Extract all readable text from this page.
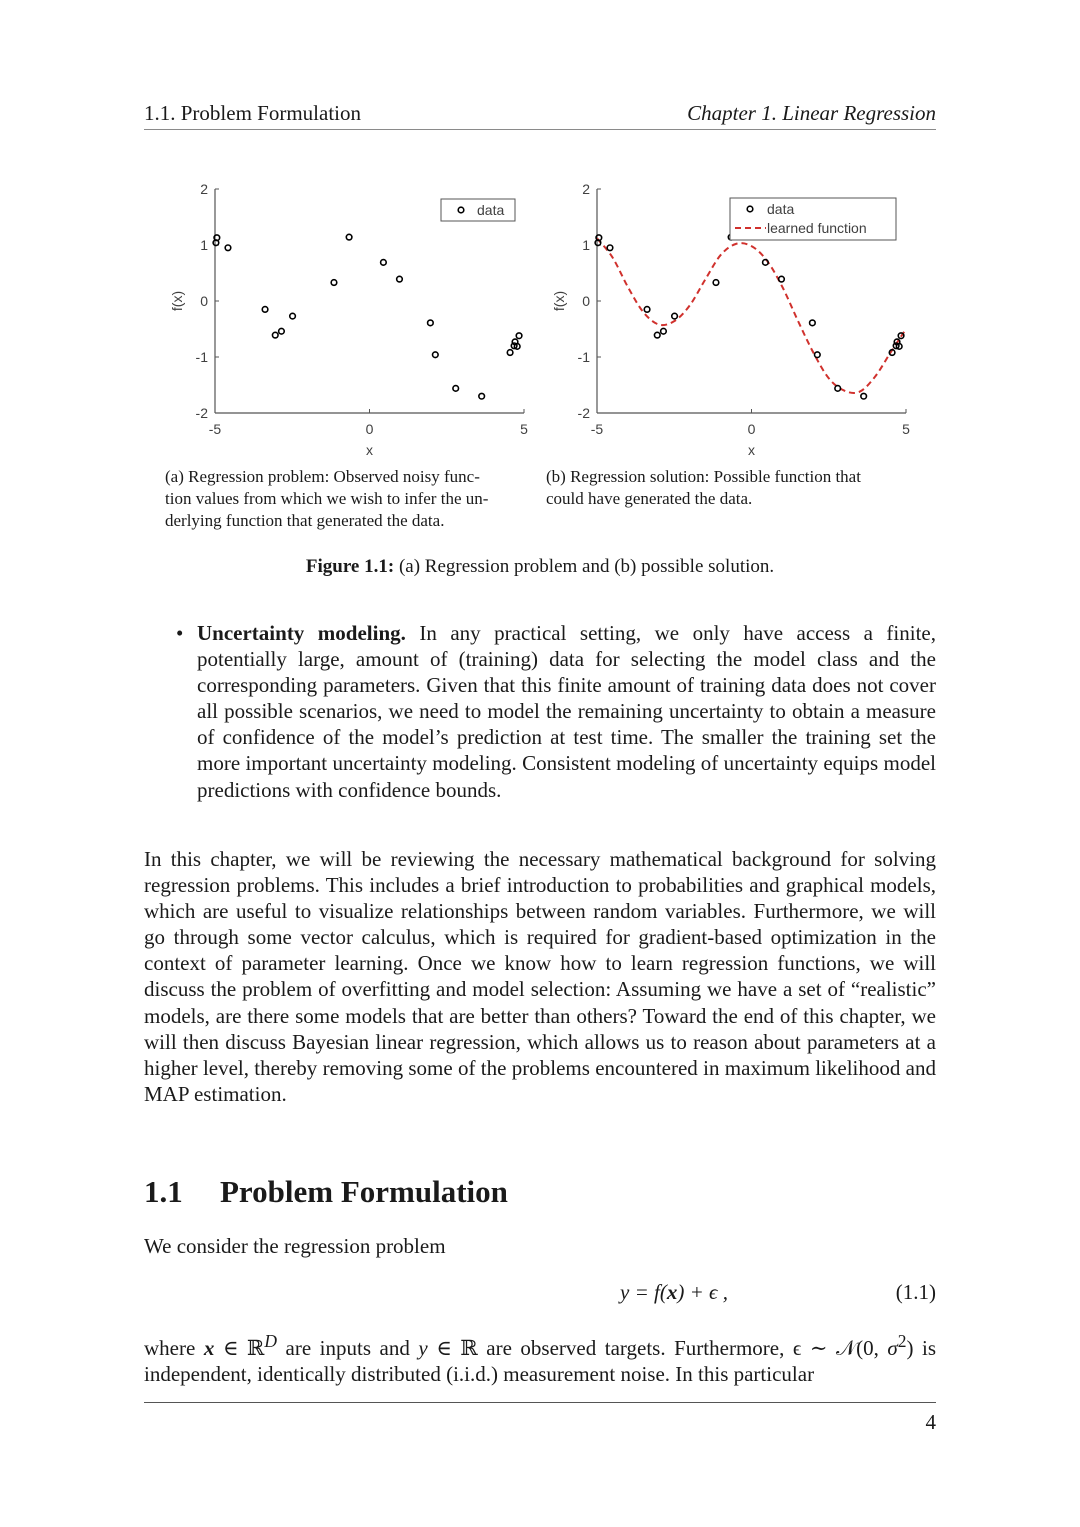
1.1. Problem Formulation	Chapter 1. Linear Regression
2
1
0
-1
-2
-5	0	5
x
f(x)
data
2
1
0
-1
-2
-5	0	5
x
f(x)
data
learned function
(a) Regression problem: Observed noisy func-
tion values from which we wish to infer the un-
derlying function that generated the data.
(b) Regression solution: Possible function that
could have generated the data.
Figure 1.1: (a) Regression problem and (b) possible solution.
• Uncertainty modeling. In any practical setting, we only have access a finite, potentially large, amount of (training) data for selecting the model class and the corresponding parameters. Given that this finite amount of training data does not cover all possible scenarios, we need to model the remaining uncertainty to obtain a measure of confidence of the model’s prediction at test time. The smaller the training set the more important uncertainty modeling. Consistent modeling of uncertainty equips model predictions with confidence bounds.
In this chapter, we will be reviewing the necessary mathematical background for solving regression problems. This includes a brief introduction to probabilities and graphical models, which are useful to visualize relationships between random variables. Furthermore, we will go through some vector calculus, which is required for gradient-based optimization in the context of parameter learning. Once we know how to learn regression functions, we will discuss the problem of overfitting and model selection: Assuming we have a set of “realistic” models, are there some models that are better than others? Toward the end of this chapter, we will then discuss Bayesian linear regression, which allows us to reason about parameters at a higher level, thereby removing some of the problems encountered in maximum likelihood and MAP estimation.
1.1 Problem Formulation
We consider the regression problem
y = f(x) + ϵ ,	(1.1)
where x ∈ ℝ$^D$ are inputs and y ∈ ℝ are observed targets. Furthermore, ϵ ∼ 𝒩(0, $\sigma^2$) is independent, identically distributed (i.i.d.) measurement noise. In this particular
4
